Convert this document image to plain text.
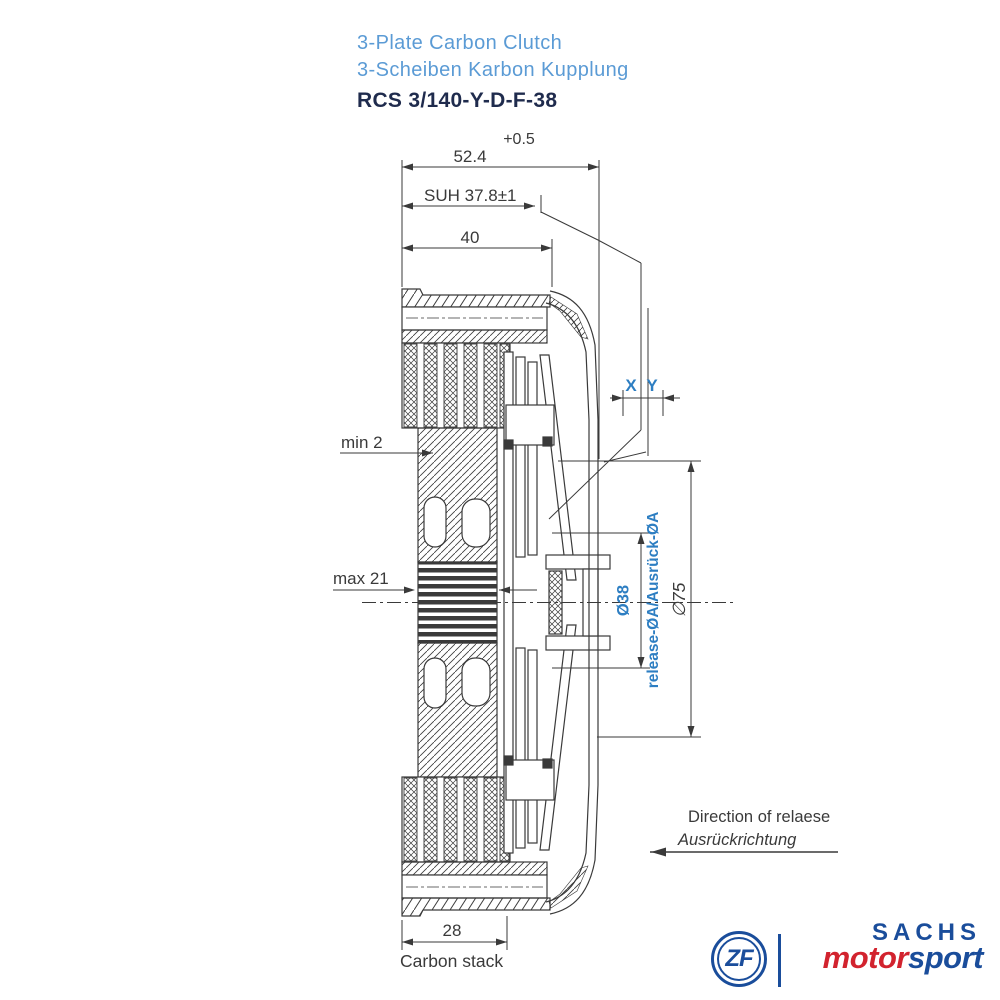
3-Plate Carbon Clutch
3-Scheiben Karbon Kupplung
RCS 3/140-Y-D-F-38
52.4
+0.5
SUH 37.8±1
40
X Y
min 2
max 21
Ø38 release-ØA/Ausrück-ØA ∅75
28
Carbon stack
Direction of relaese
Ausrückrichtung
ZF
SACHS
motorsport
